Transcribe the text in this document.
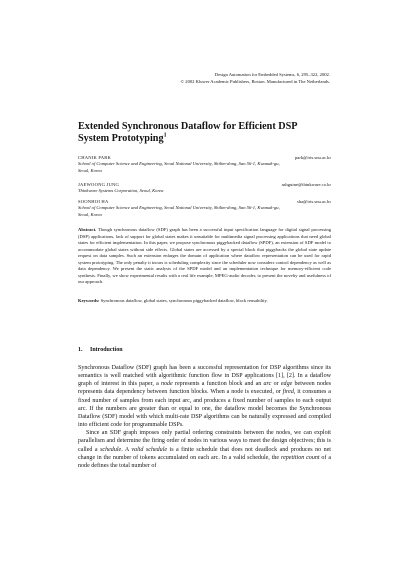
Design Automation for Embedded Systems, 6, 295–322, 2002.
© 2002 Kluwer Academic Publishers, Boston. Manufactured in The Netherlands.
Extended Synchronous Dataflow for Efficient DSP
System Prototyping$^1$
CHANIK PARK	park@iris.snu.ac.kr
School of Computer Science and Engineering, Seoul National University, Shilim-dong, San 56-1, Kwanak-gu,
Seoul, Korea
JAEWOONG JUNG	ashguine@thinkware.co.kr
Thinkware Systems Corporation, Seoul, Korea
SOONHOI HA	sha@iris.snu.ac.kr
School of Computer Science and Engineering, Seoul National University, Shilim-dong, San 56-1, Kwanak-gu,
Seoul, Korea
Abstract. Though synchronous dataflow (SDF) graph has been a successful input specification language for digital signal processing (DSP) applications, lack of support for global states makes it unsuitable for multimedia signal processing applications that need global states for efficient implementation. In this paper, we propose synchronous piggybacked dataflow (SPDF), an extension of SDF model to accommodate global states without side effects. Global states are accessed by a special block that piggybacks the global state update request on data samples. Such an extension enlarges the domain of application where dataflow representation can be used for rapid system prototyping. The only penalty it incurs is scheduling complexity since the scheduler now considers control dependency as well as data dependency. We present the static analysis of the SPDF model and an implementation technique for memory-efficient code synthesis. Finally, we show experimental results with a real life example, MPEG-audio decoder, to present the novelty and usefulness of our approach.
Keywords: Synchronous dataflow, global states, synchronous piggybacked dataflow, block reusability.
1. Introduction

Synchronous Dataflow (SDF) graph has been a successful representation for DSP algorithms since its semantics is well matched with algorithmic function flow in DSP applications [1], [2]. In a dataflow graph of interest in this paper, a node represents a function block and an arc or edge between nodes represents data dependency between function blocks. When a node is executed, or fired, it consumes a fixed number of samples from each input arc, and produces a fixed number of samples to each output arc. If the numbers are greater than or equal to one, the dataflow model becomes the Synchronous Dataflow (SDF) model with which multi-rate DSP algorithms can be naturally expressed and compiled into efficient code for programmable DSPs.

Since an SDF graph imposes only partial ordering constraints between the nodes, we can exploit parallelism and determine the firing order of nodes in various ways to meet the design objectives; this is called a schedule. A valid schedule is a finite schedule that does not deadlock and produces no net change in the number of tokens accumulated on each arc. In a valid schedule, the repetition count of a node defines the total number of
